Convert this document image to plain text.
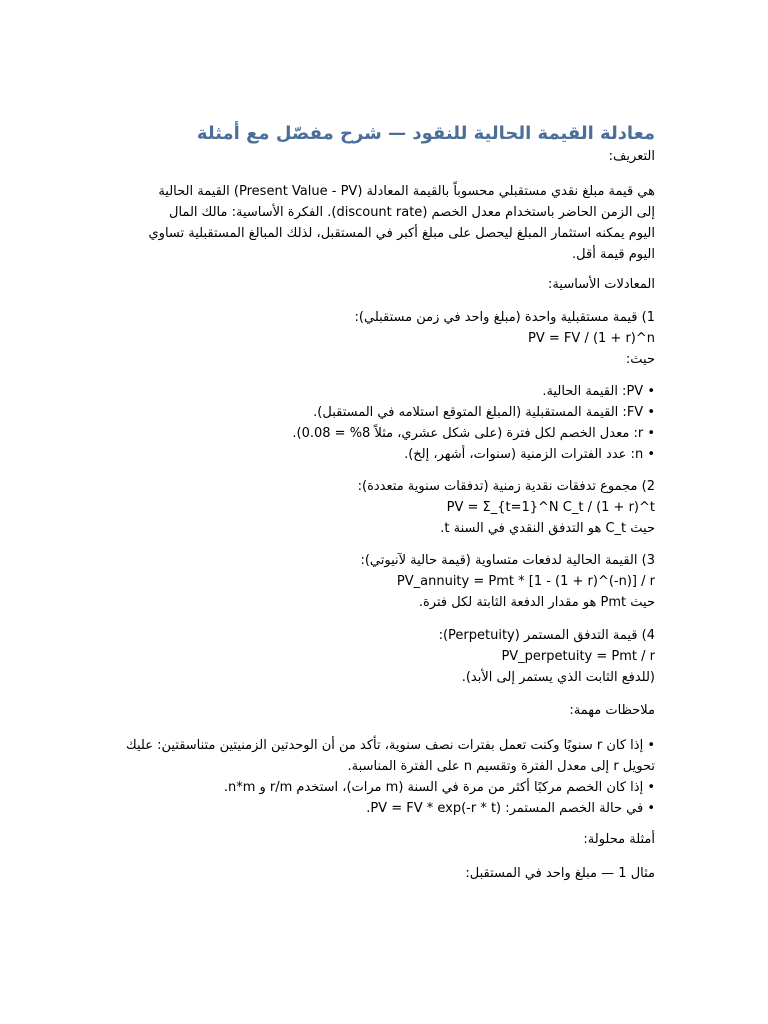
معادلة القيمة الحالية للنقود — شرح مفصّل مع أمثلة

التعريف:

هي قيمة مبلغ نقدي مستقبلي محسوباً بالقيمة المعادلة (Present Value - PV) القيمة الحالية
إلى الزمن الحاضر باستخدام معدل الخصم (discount rate). الفكرة الأساسية: مالك المال
اليوم يمكنه استثمار المبلغ ليحصل على مبلغ أكبر في المستقبل، لذلك المبالغ المستقبلية تساوي
اليوم قيمة أقل.

المعادلات الأساسية:

1) قيمة مستقبلية واحدة (مبلغ واحد في زمن مستقبلي):
PV = FV / (1 + r)^n
حيث:
• PV: القيمة الحالية.
• FV: القيمة المستقبلية (المبلغ المتوقع استلامه في المستقبل).
• r: معدل الخصم لكل فترة (على شكل عشري، مثلاً 8% = 0.08).
• n: عدد الفترات الزمنية (سنوات، أشهر، إلخ).
2) مجموع تدفقات نقدية زمنية (تدفقات سنوية متعددة):
PV = Σ_{t=1}^N C_t / (1 + r)^t
حيث C_t هو التدفق النقدي في السنة t.
3) القيمة الحالية لدفعات متساوية (قيمة حالية لآنيوتي):
PV_annuity = Pmt * [1 - (1 + r)^(-n)] / r
حيث Pmt هو مقدار الدفعة الثابتة لكل فترة.
4) قيمة التدفق المستمر (Perpetuity):
PV_perpetuity = Pmt / r
(للدفع الثابت الذي يستمر إلى الأبد).

ملاحظات مهمة:

• إذا كان r سنويًا وكنت تعمل بفترات نصف سنوية، تأكد من أن الوحدتين الزمنيتين متناسقتين: عليك تحويل r إلى معدل الفترة وتقسيم n على الفترة المناسبة.
• إذا كان الخصم مركبًا أكثر من مرة في السنة (m مرات)، استخدم r/m و n*m.
• في حالة الخصم المستمر: PV = FV * exp(-r * t).

أمثلة محلولة:

مثال 1 — مبلغ واحد في المستقبل:
